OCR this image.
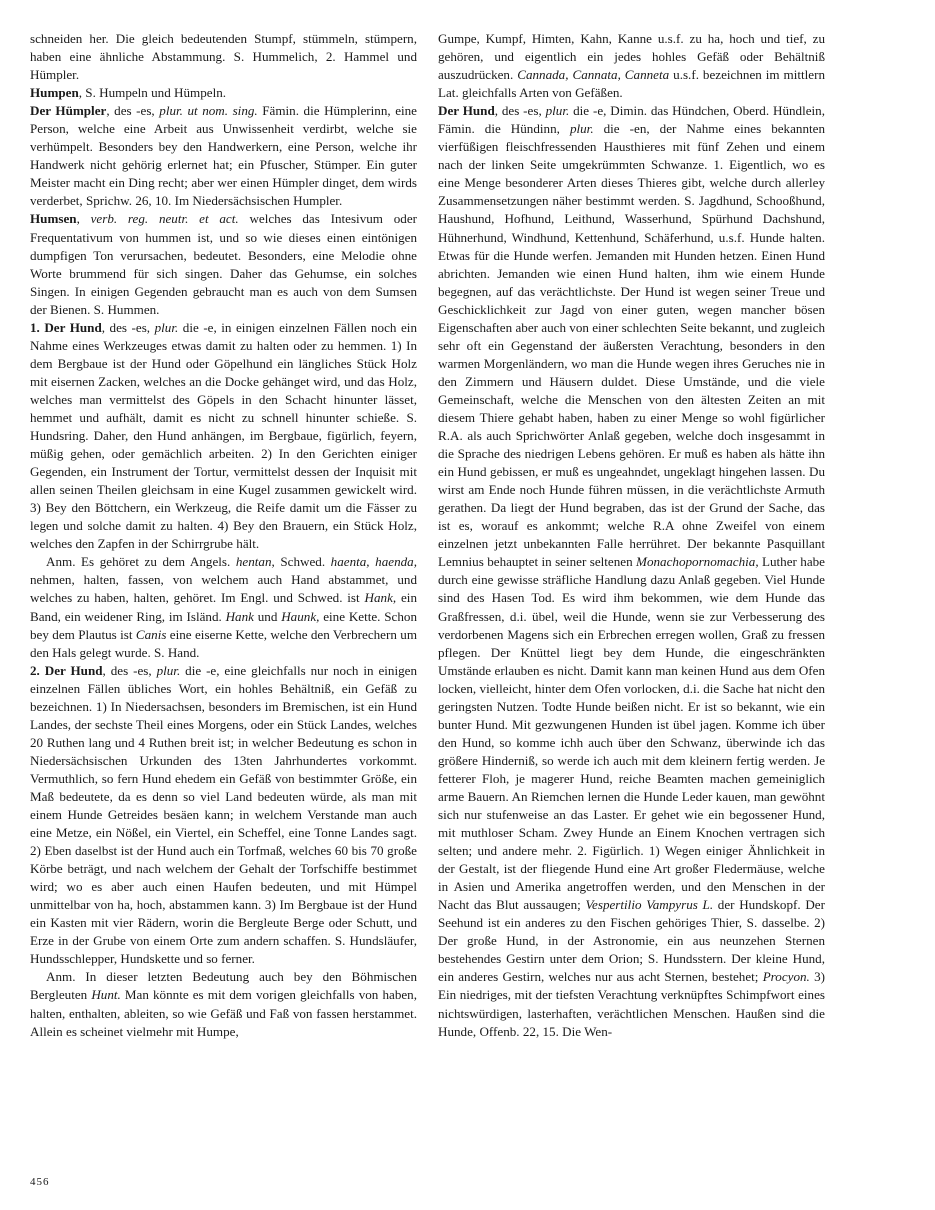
schneiden her. Die gleich bedeutenden Stumpf, stümmeln, stümpern, haben eine ähnliche Abstammung. S. Hummelich, 2. Hammel und Hümpler.

Humpen, S. Humpeln und Hümpeln.

Der Hümpler, des -es, plur. ut nom. sing. Fämin. die Hümplerinn, eine Person, welche eine Arbeit aus Unwissenheit verdirbt, welche sie verhümpelt. Besonders bey den Handwerkern, eine Person, welche ihr Handwerk nicht gehörig erlernet hat; ein Pfuscher, Stümper. Ein guter Meister macht ein Ding recht; aber wer einen Hümpler dinget, dem wirds verderbet, Sprichw. 26, 10. Im Niedersächsischen Humpler.

Humsen, verb. reg. neutr. et act. welches das Intesivum oder Frequentativum von hummen ist, und so wie dieses einen eintönigen dumpfigen Ton verursachen, bedeutet. Besonders, eine Melodie ohne Worte brummend für sich singen. Daher das Gehumse, ein solches Singen. In einigen Gegenden gebraucht man es auch von dem Sumsen der Bienen. S. Hummen.

1. Der Hund, des -es, plur. die -e, in einigen einzelnen Fällen noch ein Nahme eines Werkzeuges etwas damit zu halten oder zu hemmen. 1) In dem Bergbaue ist der Hund oder Göpelhund ein längliches Stück Holz mit eisernen Zacken, welches an die Docke gehänget wird, und das Holz, welches man vermittelst des Göpels in den Schacht hinunter lässet, hemmet und aufhält, damit es nicht zu schnell hinunter schieße. S. Hundsring. Daher, den Hund anhängen, im Bergbaue, figürlich, feyern, müßig gehen, oder gemächlich arbeiten. 2) In den Gerichten einiger Gegenden, ein Instrument der Tortur, vermittelst dessen der Inquisit mit allen seinen Theilen gleichsam in eine Kugel zusammen gewickelt wird. 3) Bey den Böttchern, ein Werkzeug, die Reife damit um die Fässer zu legen und solche damit zu halten. 4) Bey den Brauern, ein Stück Holz, welches den Zapfen in der Schirrgrube hält.

Anm. Es gehöret zu dem Angels. hentan, Schwed. haenta, haenda, nehmen, halten, fassen, von welchem auch Hand abstammet, und welches zu haben, halten, gehöret. Im Engl. und Schwed. ist Hank, ein Band, ein weidener Ring, im Isländ. Hank und Haunk, eine Kette. Schon bey dem Plautus ist Canis eine eiserne Kette, welche den Verbrechern um den Hals gelegt wurde. S. Hand.

2. Der Hund, des -es, plur. die -e, eine gleichfalls nur noch in einigen einzelnen Fällen übliches Wort, ein hohles Behältniß, ein Gefäß zu bezeichnen. 1) In Niedersachsen, besonders im Bremischen, ist ein Hund Landes, der sechste Theil eines Morgens, oder ein Stück Landes, welches 20 Ruthen lang und 4 Ruthen breit ist; in welcher Bedeutung es schon in Niedersächsischen Urkunden des 13ten Jahrhundertes vorkommt. Vermuthlich, so fern Hund ehedem ein Gefäß von bestimmter Größe, ein Maß bedeutete, da es denn so viel Land bedeuten würde, als man mit einem Hunde Getreides besäen kann; in welchem Verstande man auch eine Metze, ein Nößel, ein Viertel, ein Scheffel, eine Tonne Landes sagt. 2) Eben daselbst ist der Hund auch ein Torfmaß, welches 60 bis 70 große Körbe beträgt, und nach welchem der Gehalt der Torfschiffe bestimmet wird; wo es aber auch einen Haufen bedeuten, und mit Hümpel unmittelbar von ha, hoch, abstammen kann. 3) Im Bergbaue ist der Hund ein Kasten mit vier Rädern, worin die Bergleute Berge oder Schutt, und Erze in der Grube von einem Orte zum andern schaffen. S. Hundsläufer, Hundsschlepper, Hundskette und so ferner.

Anm. In dieser letzten Bedeutung auch bey den Böhmischen Bergleuten Hunt. Man könnte es mit dem vorigen gleichfalls von haben, halten, enthalten, ableiten, so wie Gefäß und Faß von fassen herstammet. Allein es scheinet vielmehr mit Humpe,

Gumpe, Kumpf, Himten, Kahn, Kanne u.s.f. zu ha, hoch und tief, zu gehören, und eigentlich ein jedes hohles Gefäß oder Behältniß auszudrücken. Cannada, Cannata, Canneta u.s.f. bezeichnen im mittlern Lat. gleichfalls Arten von Gefäßen.

Der Hund, des -es, plur. die -e, Dimin. das Hündchen, Oberd. Hündlein, Fämin. die Hündinn, plur. die -en, der Nahme eines bekannten vierfüßigen fleischfressenden Hausthieres mit fünf Zehen und einem nach der linken Seite umgekrümmten Schwanze. 1. Eigentlich, wo es eine Menge besonderer Arten dieses Thieres gibt, welche durch allerley Zusammensetzungen näher bestimmt werden. S. Jagdhund, Schooßhund, Haushund, Hofhund, Leithund, Wasserhund, Spürhund Dachshund, Hühnerhund, Windhund, Kettenhund, Schäferhund, u.s.f. Hunde halten. Etwas für die Hunde werfen. Jemanden mit Hunden hetzen. Einen Hund abrichten. Jemanden wie einen Hund halten, ihm wie einem Hunde begegnen, auf das verächtlichste. Der Hund ist wegen seiner Treue und Geschicklichkeit zur Jagd von einer guten, wegen mancher bösen Eigenschaften aber auch von einer schlechten Seite bekannt, und zugleich sehr oft ein Gegenstand der äußersten Verachtung, besonders in den warmen Morgenländern, wo man die Hunde wegen ihres Geruches nie in den Zimmern und Häusern duldet. Diese Umstände, und die viele Gemeinschaft, welche die Menschen von den ältesten Zeiten an mit diesem Thiere gehabt haben, haben zu einer Menge so wohl figürlicher R.A. als auch Sprichwörter Anlaß gegeben, welche doch insgesammt in die Sprache des niedrigen Lebens gehören. Er muß es haben als hätte ihn ein Hund gebissen, er muß es ungeahndet, ungeklagt hingehen lassen. Du wirst am Ende noch Hunde führen müssen, in die verächtlichste Armuth gerathen. Da liegt der Hund begraben, das ist der Grund der Sache, das ist es, worauf es ankommt; welche R.A ohne Zweifel von einem einzelnen jetzt unbekannten Falle herrühret. Der bekannte Pasquillant Lemnius behauptet in seiner seltenen Monachopornomachia, Luther habe durch eine gewisse sträfliche Handlung dazu Anlaß gegeben. Viel Hunde sind des Hasen Tod. Es wird ihm bekommen, wie dem Hunde das Graßfressen, d.i. übel, weil die Hunde, wenn sie zur Verbesserung des verdorbenen Magens sich ein Erbrechen erregen wollen, Graß zu fressen pflegen. Der Knüttel liegt bey dem Hunde, die eingeschränkten Umstände erlauben es nicht. Damit kann man keinen Hund aus dem Ofen locken, vielleicht, hinter dem Ofen vorlocken, d.i. die Sache hat nicht den geringsten Nutzen. Todte Hunde beißen nicht. Er ist so bekannt, wie ein bunter Hund. Mit gezwungenen Hunden ist übel jagen. Komme ich über den Hund, so komme ichh auch über den Schwanz, überwinde ich das größere Hinderniß, so werde ich auch mit dem kleinern fertig werden. Je fetterer Floh, je magerer Hund, reiche Beamten machen gemeiniglich arme Bauern. An Riemchen lernen die Hunde Leder kauen, man gewöhnt sich nur stufenweise an das Laster. Er gehet wie ein begossener Hund, mit muthloser Scham. Zwey Hunde an Einem Knochen vertragen sich selten; und andere mehr. 2. Figürlich. 1) Wegen einiger Ähnlichkeit in der Gestalt, ist der fliegende Hund eine Art großer Fledermäuse, welche in Asien und Amerika angetroffen werden, und den Menschen in der Nacht das Blut aussaugen; Vespertilio Vampyrus L. der Hundskopf. Der Seehund ist ein anderes zu den Fischen gehöriges Thier, S. dasselbe. 2) Der große Hund, in der Astronomie, ein aus neunzehen Sternen bestehendes Gestirn unter dem Orion; S. Hundsstern. Der kleine Hund, ein anderes Gestirn, welches nur aus acht Sternen, bestehet; Procyon. 3) Ein niedriges, mit der tiefsten Verachtung verknüpftes Schimpfwort eines nichtswürdigen, lasterhaften, verächtlichen Menschen. Haußen sind die Hunde, Offenb. 22, 15. Die Wen-

456
